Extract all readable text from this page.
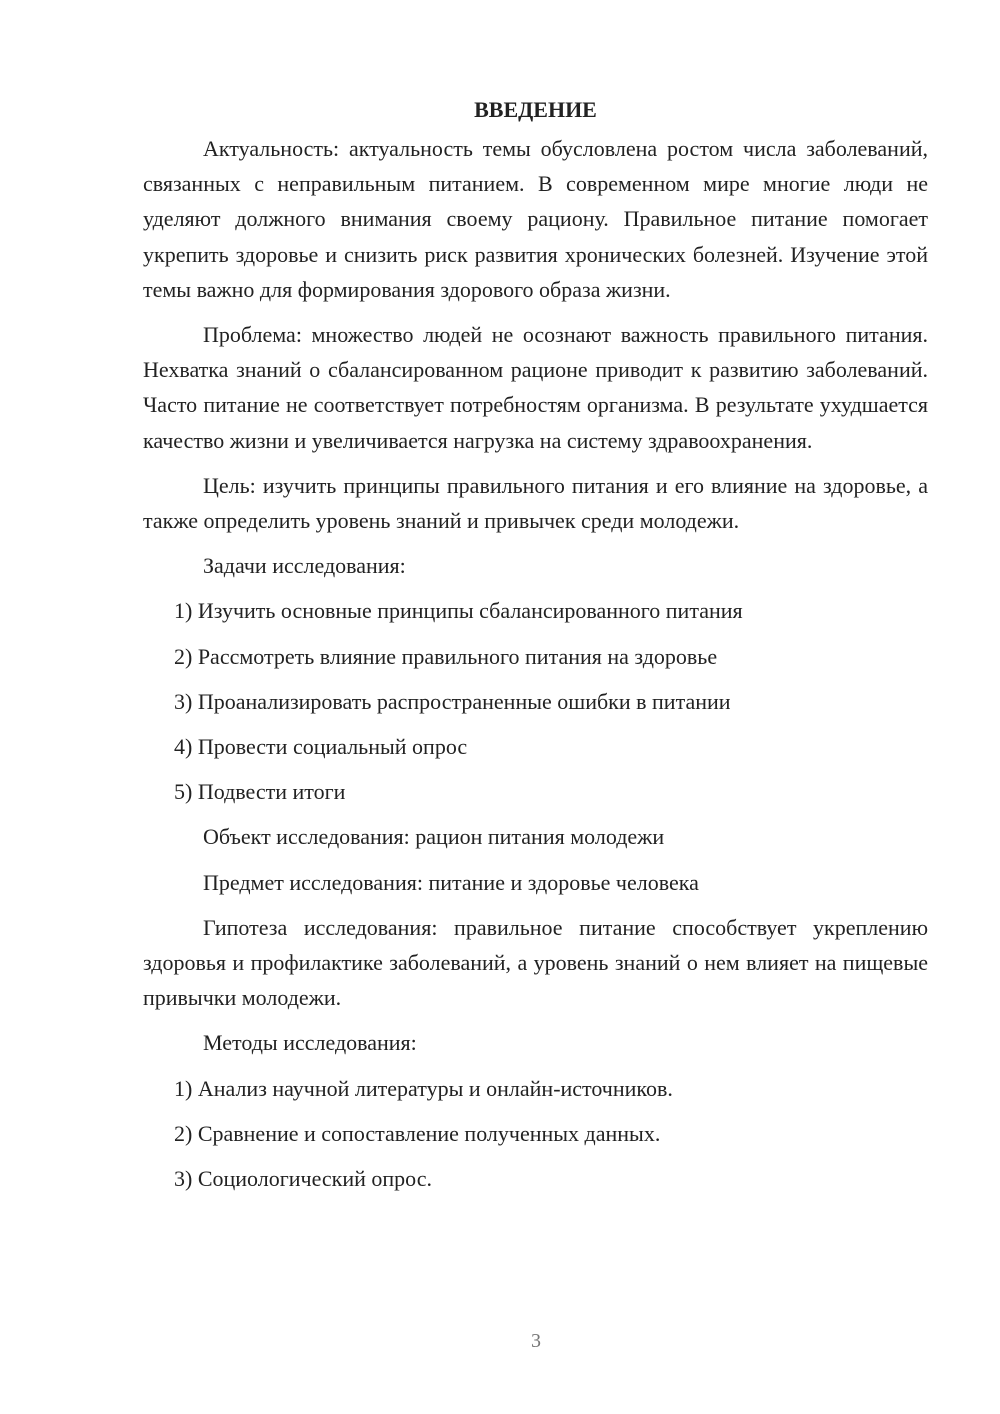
ВВЕДЕНИЕ

Актуальность: актуальность темы обусловлена ростом числа заболеваний, связанных с неправильным питанием. В современном мире многие люди не уделяют должного внимания своему рациону. Правильное питание помогает укрепить здоровье и снизить риск развития хронических болезней. Изучение этой темы важно для формирования здорового образа жизни.

Проблема: множество людей не осознают важность правильного питания. Нехватка знаний о сбалансированном рационе приводит к развитию заболеваний. Часто питание не соответствует потребностям организма. В результате ухудшается качество жизни и увеличивается нагрузка на систему здравоохранения.

Цель: изучить принципы правильного питания и его влияние на здоровье, а также определить уровень знаний и привычек среди молодежи.

Задачи исследования:
1) Изучить основные принципы сбалансированного питания
2) Рассмотреть влияние правильного питания на здоровье
3) Проанализировать распространенные ошибки в питании
4) Провести социальный опрос
5) Подвести итоги
Объект исследования: рацион питания молодежи
Предмет исследования: питание и здоровье человека

Гипотеза исследования: правильное питание способствует укреплению здоровья и профилактике заболеваний, а уровень знаний о нем влияет на пищевые привычки молодежи.

Методы исследования:
1) Анализ научной литературы и онлайн-источников.
2) Сравнение и сопоставление полученных данных.
3) Социологический опрос.
3
